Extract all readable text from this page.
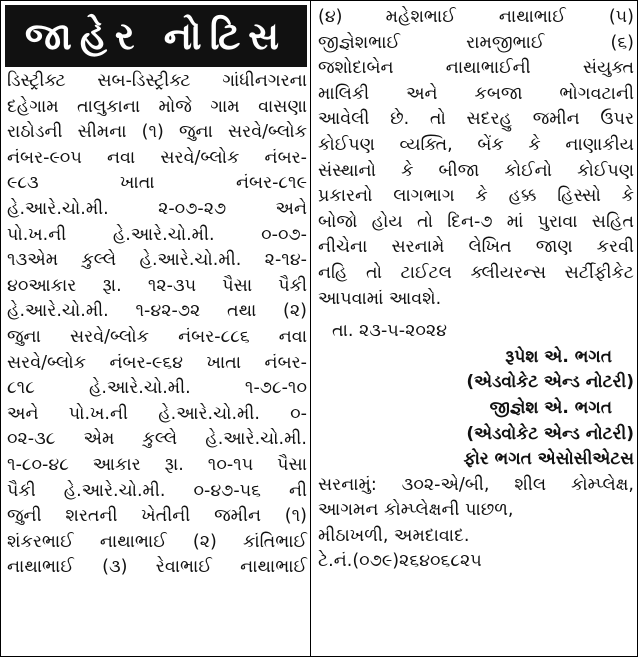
જાહેર નોટિસ
ડિસ્ટ્રીક્ટ સબ-ડિસ્ટ્રીક્ટ ગાંધીનગરના
દહેગામ તાલુકાના મોજે ગામ વાસણા
રાઠોડની સીમના (૧) જુના સરવે/બ્લોક
નંબર-૯૦૫ નવા સરવે/બ્લોક નંબર-
૯૮૩ ખાતા નંબર-૮૧૯
હે.આરે.ચો.મી. ૨-૦૭-૨૭ અને
પો.ખ.ની હે.આરે.ચો.મી. ૦-૦૭-
૧૩એમ કુલ્લે હે.આરે.ચો.મી. ૨-૧૪-
૪૦આકાર રૂા. ૧૨-૩૫ પૈસા પૈકી
હે.આરે.ચો.મી. ૧-૪૨-૭૨ તથા (૨)
જુના સરવે/બ્લોક નંબર-૮૮૬ નવા
સરવે/બ્લોક નંબર-૯૬૪ ખાતા નંબર-
૮૧૮ હે.આરે.ચો.મી. ૧-૭૮-૧૦
અને પો.ખ.ની હે.આરે.ચો.મી. ૦-
૦૨-૩૮ એમ કુલ્લે હે.આરે.ચો.મી.
૧-૮૦-૪૮ આકાર રૂા. ૧૦-૧૫ પૈસા
પૈકી હે.આરે.ચો.મી. ૦-૪૭-૫૬ ની
જુની શરતની ખેતીની જમીન (૧)
શંકરભાઈ નાથાભાઈ (૨) કાંતિભાઈ
નાથાભાઈ (૩) રેવાભાઈ નાથાભાઈ
(૪) મહેશભાઈ નાથાભાઈ (૫)
જીજ્ઞેશભાઈ રામજીભાઈ (૬)
જશોદાબેન નાથાભાઈની સંયુક્ત
માલિકી અને કબજા ભોગવટાની
આવેલી છે. તો સદરહુ જમીન ઉપર
કોઈપણ વ્યક્તિ, બેંક કે નાણાકીય
સંસ્થાનો કે બીજા કોઈનો કોઈપણ
પ્રકારનો લાગભાગ કે હક્ક હિસ્સો કે
બોજો હોય તો દિન-૭ માં પુરાવા સહિત
નીચેના સરનામે લેખિત જાણ કરવી
નહિ તો ટાઈટલ ક્લીયરન્સ સર્ટીફીકેટ
આપવામાં આવશે.
તા. ૨૩-૫-૨૦૨૪
રૂપેશ એ. ભગત
(એડવોકેટ એન્ડ નોટરી)
જીજ્ઞેશ એ. ભગત
(એડવોકેટ એન્ડ નોટરી)
ફોર ભગત એસોસીએટસ
સરનામું: ૩૦૨-એ/બી, શીલ કોમ્પ્લેક્ષ,
આગમન કોમ્પ્લેક્ષની પાછળ,
મીઠાખળી, અમદાવાદ.
ટે.નં.(૦૭૯)૨૬૪૦૬૮૨૫
